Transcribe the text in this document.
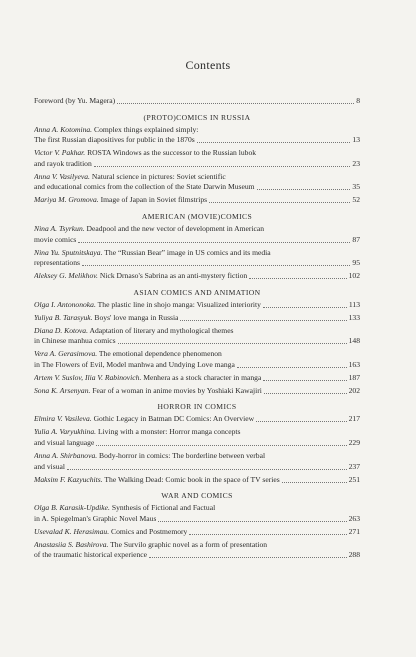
Contents
Foreword (by Yu. Magera)	8
(PROTO)COMICS IN RUSSIA
Anna A. Kotomina. Complex things explained simply:
The first Russian diapositives for public in the 1870s	13
Victor V. Pakhar. ROSTA Windows as the successor to the Russian lubok
and rayok tradition	23
Anna V. Vasilyeva. Natural science in pictures: Soviet scientific
and educational comics from the collection of the State Darwin Museum	35
Mariya M. Gromova. Image of Japan in Soviet filmstrips	52
AMERICAN (MOVIE)COMICS
Nina A. Tsyrkun. Deadpool and the new vector of development in American
movie comics	87
Nina Yu. Sputnitskaya. The “Russian Bear” image in US comics and its media
representations	95
Aleksey G. Melikhov. Nick Drnaso's Sabrina as an anti-mystery fiction	102
ASIAN COMICS AND ANIMATION
Olga I. Antononoka. The plastic line in shojo manga: Visualized interiority	113
Yuliya B. Tarasyuk. Boys' love manga in Russia	133
Diana D. Kotova. Adaptation of literary and mythological themes
in Chinese manhua comics	148
Vera A. Gerasimova. The emotional dependence phenomenon
in The Flowers of Evil, Model manhwa and Undying Love manga	163
Artem V. Suslov, Ilia V. Rabinovich. Menhera as a stock character in manga	187
Sona K. Arsenyan. Fear of a woman in anime movies by Yoshiaki Kawajiri	202
HORROR IN COMICS
Elmira V. Vasileva. Gothic Legacy in Batman DC Comics: An Overview	217
Yulia A. Varyukhina. Living with a monster: Horror manga concepts
and visual language	229
Anna A. Shirbanova. Body-horror in comics: The borderline between verbal
and visual	237
Maksim F. Kazyuchits. The Walking Dead: Comic book in the space of TV series	251
WAR AND COMICS
Olga B. Karasik-Updike. Synthesis of Fictional and Factual
in A. Spiegelman's Graphic Novel Maus	263
Usevalad K. Herasimau. Comics and Postmemory	271
Anastasiia S. Bashirova. The Survilo graphic novel as a form of presentation
of the traumatic historical experience	288
